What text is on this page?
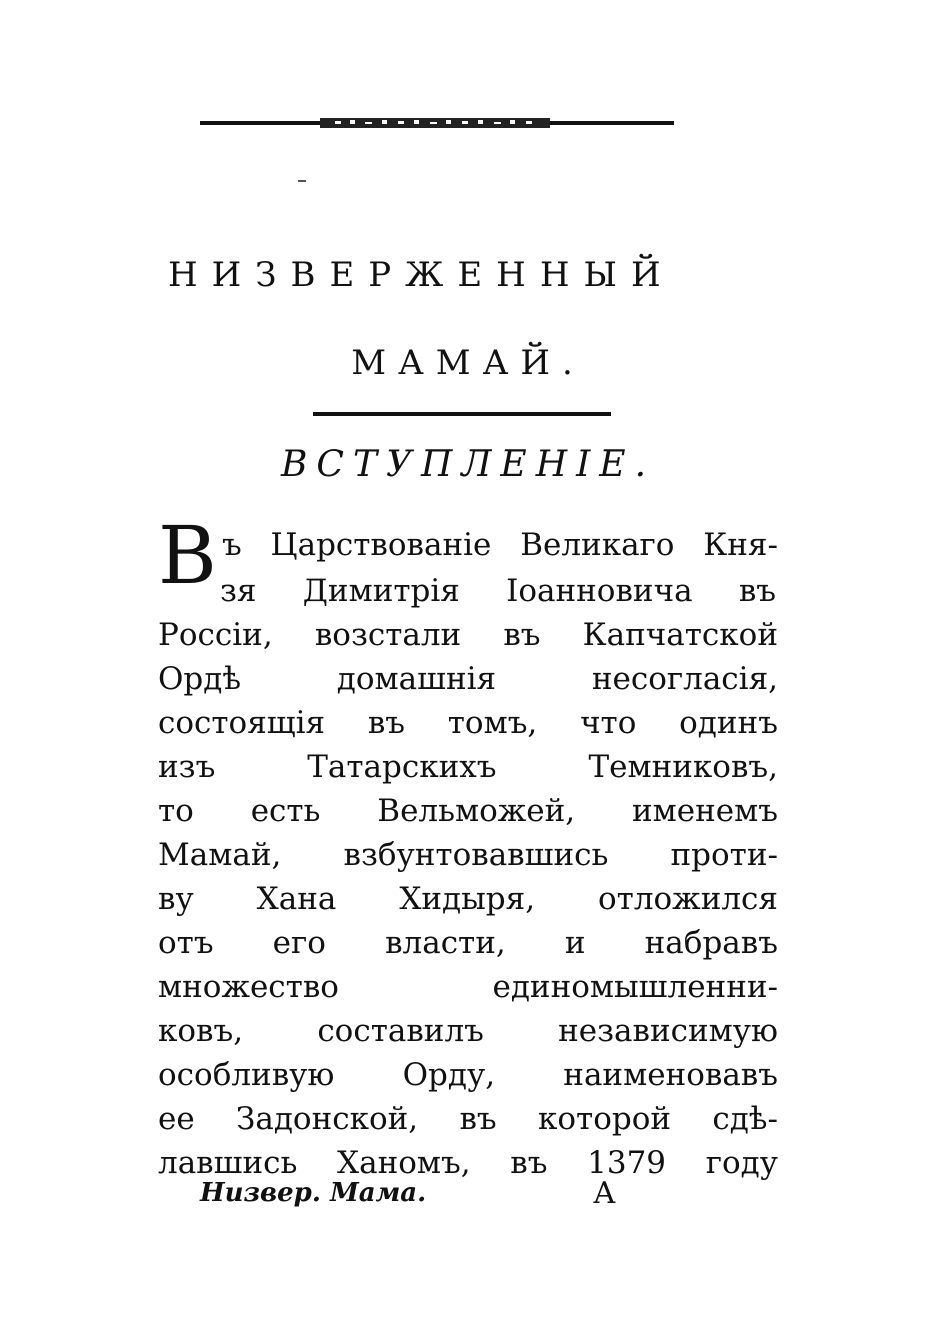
НИЗВЕРЖЕННЫЙ
МАМАЙ.
ВСТУПЛЕНІЕ.
В ъ Царствованіе Великаго Кня-
зя Димитрія Іоанновича въ
Россіи, возстали въ Капчатской
Ордѣ	домашнія	несогласія,
состоящія въ томъ, что одинъ
изъ	Татарскихъ	Темниковъ,
то есть Вельможей, именемъ
Мамай, взбунтовавшись проти-
ву Хана Хидыря, отложился
отъ его власти, и набравъ
множество	единомышленни-
ковъ, составилъ независимую
особливую Орду, наименовавъ
ее Задонской, въ которой сдѣ-
лавшись Ханомъ, въ 1379 году
Низвер. Мама.	А
